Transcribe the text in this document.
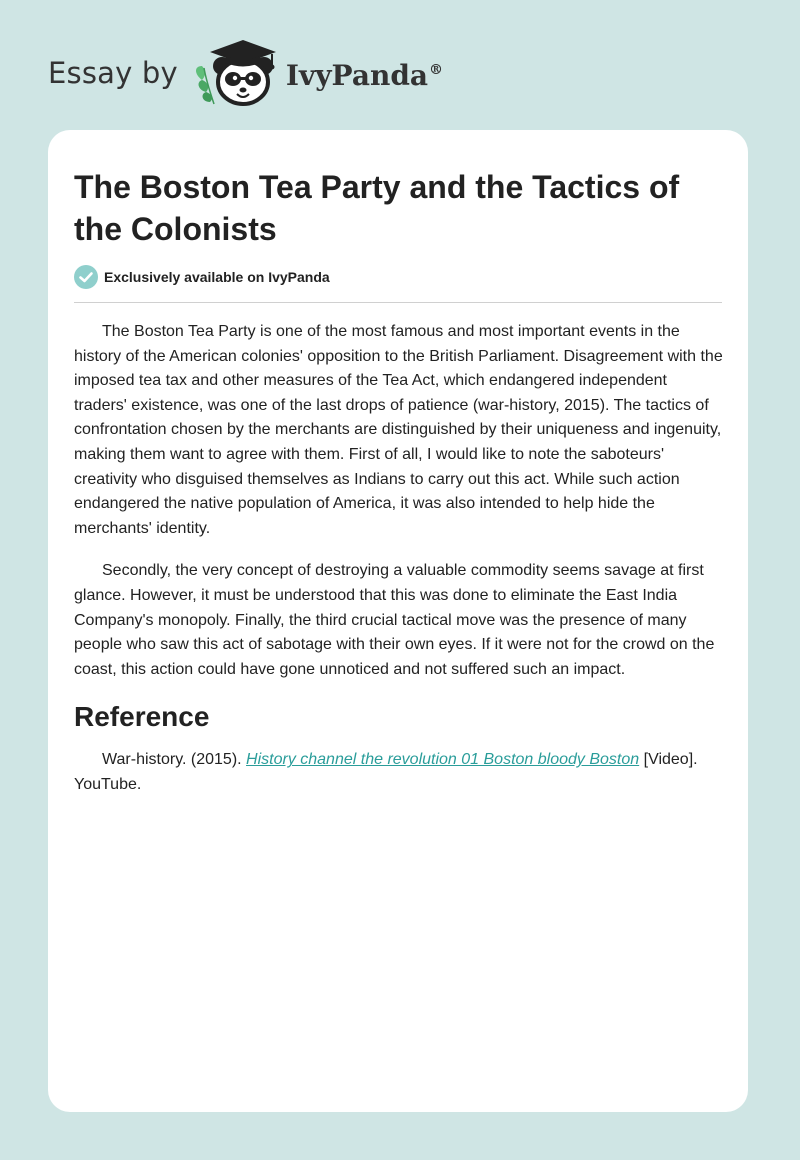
Essay by	IvyPanda®
The Boston Tea Party and the Tactics of the Colonists
Exclusively available on IvyPanda

The Boston Tea Party is one of the most famous and most important events in the history of the American colonies' opposition to the British Parliament. Disagreement with the imposed tea tax and other measures of the Tea Act, which endangered independent traders' existence, was one of the last drops of patience (war-history, 2015). The tactics of confrontation chosen by the merchants are distinguished by their uniqueness and ingenuity, making them want to agree with them. First of all, I would like to note the saboteurs' creativity who disguised themselves as Indians to carry out this act. While such action endangered the native population of America, it was also intended to help hide the merchants' identity.

Secondly, the very concept of destroying a valuable commodity seems savage at first glance. However, it must be understood that this was done to eliminate the East India Company's monopoly. Finally, the third crucial tactical move was the presence of many people who saw this act of sabotage with their own eyes. If it were not for the crowd on the coast, this action could have gone unnoticed and not suffered such an impact.

Reference

War-history. (2015). History channel the revolution 01 Boston bloody Boston [Video]. YouTube.
